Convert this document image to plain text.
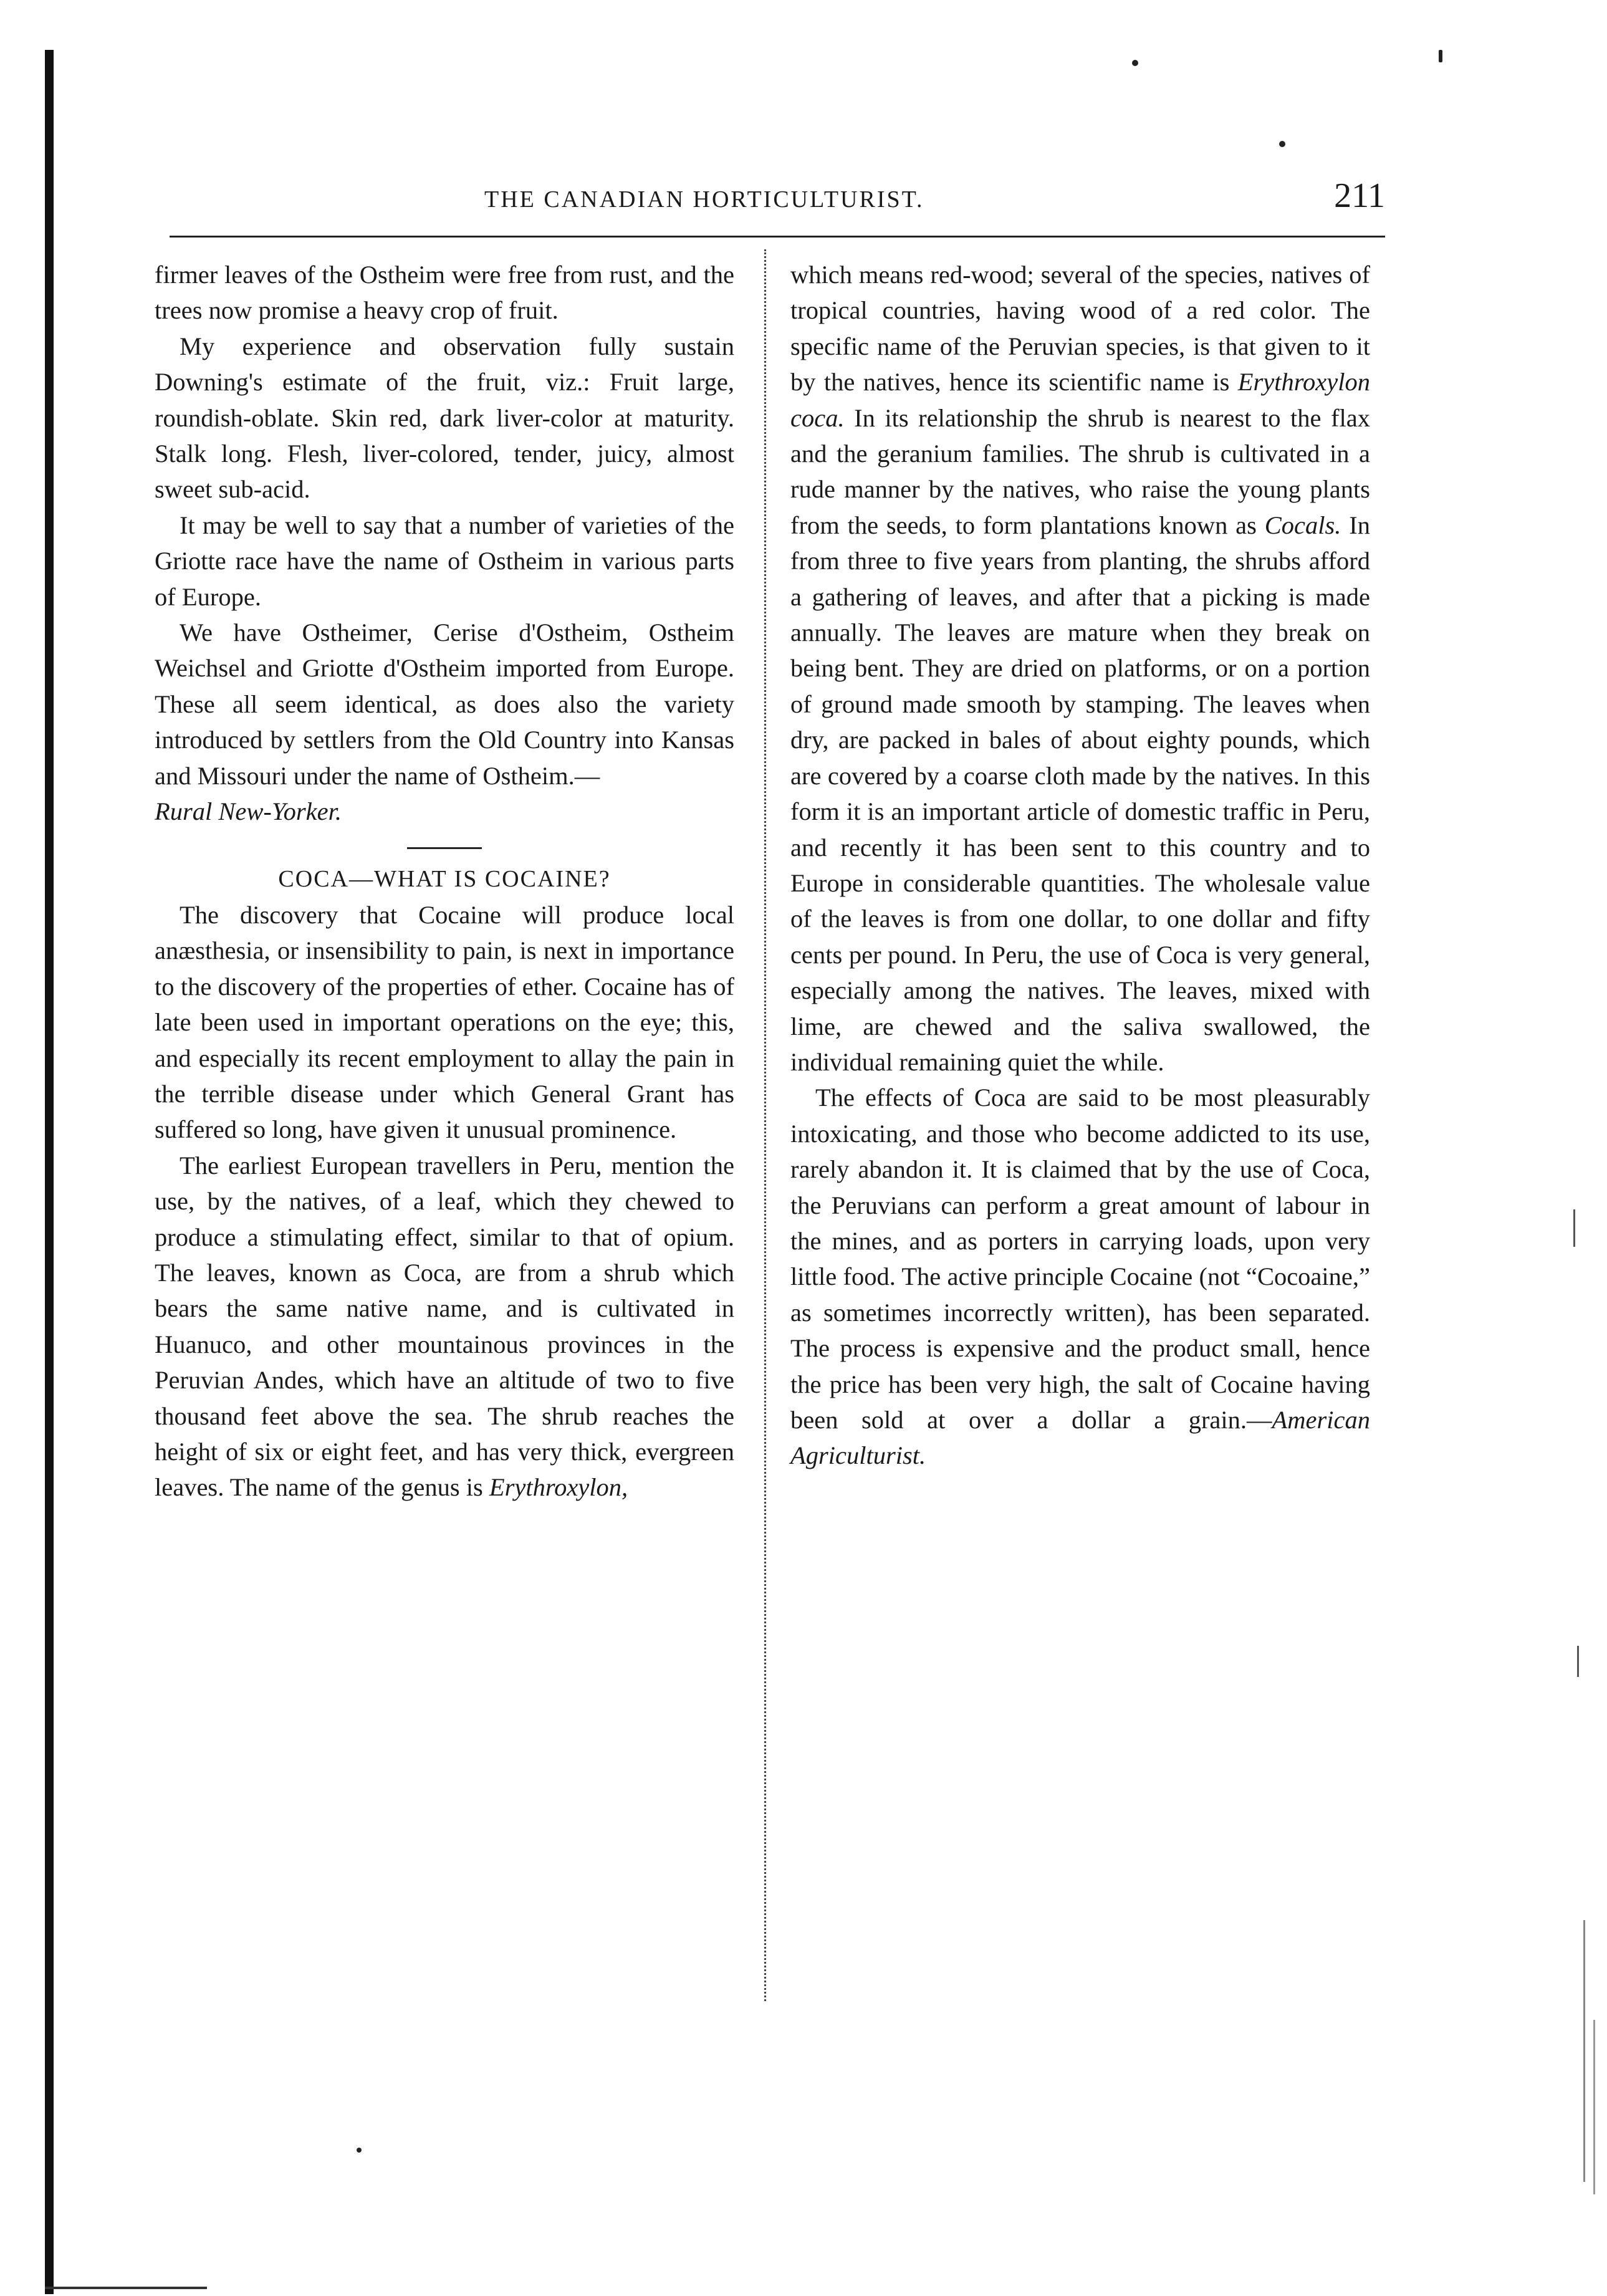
THE CANADIAN HORTICULTURIST.	211

firmer leaves of the Ostheim were free from rust, and the trees now promise a heavy crop of fruit.

My experience and observation fully sustain Downing's estimate of the fruit, viz.: Fruit large, roundish-oblate. Skin red, dark liver-color at maturity. Stalk long. Flesh, liver-colored, tender, juicy, almost sweet sub-acid.

It may be well to say that a number of varieties of the Griotte race have the name of Ostheim in various parts of Europe.

We have Ostheimer, Cerise d'Ostheim, Ostheim Weichsel and Griotte d'Ostheim imported from Europe. These all seem identical, as does also the variety introduced by settlers from the Old Country into Kansas and Missouri under the name of Ostheim.—
Rural New-Yorker.

COCA—WHAT IS COCAINE?

The discovery that Cocaine will produce local anæsthesia, or insensibility to pain, is next in importance to the discovery of the properties of ether. Cocaine has of late been used in important operations on the eye; this, and especially its recent employment to allay the pain in the terrible disease under which General Grant has suffered so long, have given it unusual prominence.

The earliest European travellers in Peru, mention the use, by the natives, of a leaf, which they chewed to produce a stimulating effect, similar to that of opium. The leaves, known as Coca, are from a shrub which bears the same native name, and is cultivated in Huanuco, and other mountainous provinces in the Peruvian Andes, which have an altitude of two to five thousand feet above the sea. The shrub reaches the height of six or eight feet, and has very thick, evergreen leaves. The name of the genus is Erythroxylon,

which means red-wood; several of the species, natives of tropical countries, having wood of a red color. The specific name of the Peruvian species, is that given to it by the natives, hence its scientific name is Erythroxylon coca. In its relationship the shrub is nearest to the flax and the geranium families. The shrub is cultivated in a rude manner by the natives, who raise the young plants from the seeds, to form plantations known as Cocals. In from three to five years from planting, the shrubs afford a gathering of leaves, and after that a picking is made annually. The leaves are mature when they break on being bent. They are dried on platforms, or on a portion of ground made smooth by stamping. The leaves when dry, are packed in bales of about eighty pounds, which are covered by a coarse cloth made by the natives. In this form it is an important article of domestic traffic in Peru, and recently it has been sent to this country and to Europe in considerable quantities. The wholesale value of the leaves is from one dollar, to one dollar and fifty cents per pound. In Peru, the use of Coca is very general, especially among the natives. The leaves, mixed with lime, are chewed and the saliva swallowed, the individual remaining quiet the while.

The effects of Coca are said to be most pleasurably intoxicating, and those who become addicted to its use, rarely abandon it. It is claimed that by the use of Coca, the Peruvians can perform a great amount of labour in the mines, and as porters in carrying loads, upon very little food. The active principle Cocaine (not “Cocoaine,” as sometimes incorrectly written), has been separated. The process is expensive and the product small, hence the price has been very high, the salt of Cocaine having been sold at over a dollar a grain.—American Agriculturist.
